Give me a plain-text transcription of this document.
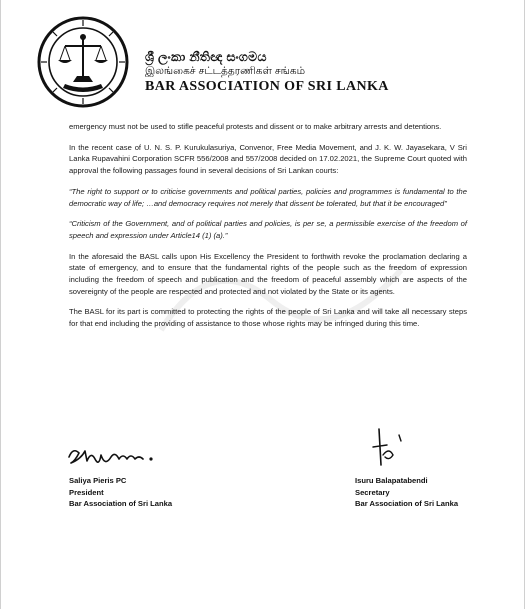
ශ්‍රී ලංකා නීතිඥ සංගමය
இலங்கைச் சட்டத்தரணிகள் சங்கம்
BAR ASSOCIATION OF SRI LANKA

emergency must not be used to stifle peaceful protests and dissent or to make arbitrary arrests and detentions.

In the recent case of U. N. S. P. Kurukulasuriya, Convenor, Free Media Movement, and J. K. W. Jayasekara, V Sri Lanka Rupavahini Corporation SCFR 556/2008 and 557/2008 decided on 17.02.2021, the Supreme Court quoted with approval the following passages found in several decisions of Sri Lankan courts:

“The right to support or to criticise governments and political parties, policies and programmes is fundamental to the democratic way of life; …and democracy requires not merely that dissent be tolerated, but that it be encouraged”

“Criticism of the Government, and of political parties and policies, is per se, a permissible exercise of the freedom of speech and expression under Article14 (1) (a).”

In the aforesaid the BASL calls upon His Excellency the President to forthwith revoke the proclamation declaring a state of emergency, and to ensure that the fundamental rights of the people such as the freedom of expression including the freedom of speech and publication and the freedom of peaceful assembly which are aspects of the sovereignty of the people are respected and protected and not violated by the State or its agents.

The BASL for its part is committed to protecting the rights of the people of Sri Lanka and will take all necessary steps for that end including the providing of assistance to those whose rights may be infringed during this time.

Saliya Pieris PC
President
Bar Association of Sri Lanka
Isuru Balapatabendi
Secretary
Bar Association of Sri Lanka
